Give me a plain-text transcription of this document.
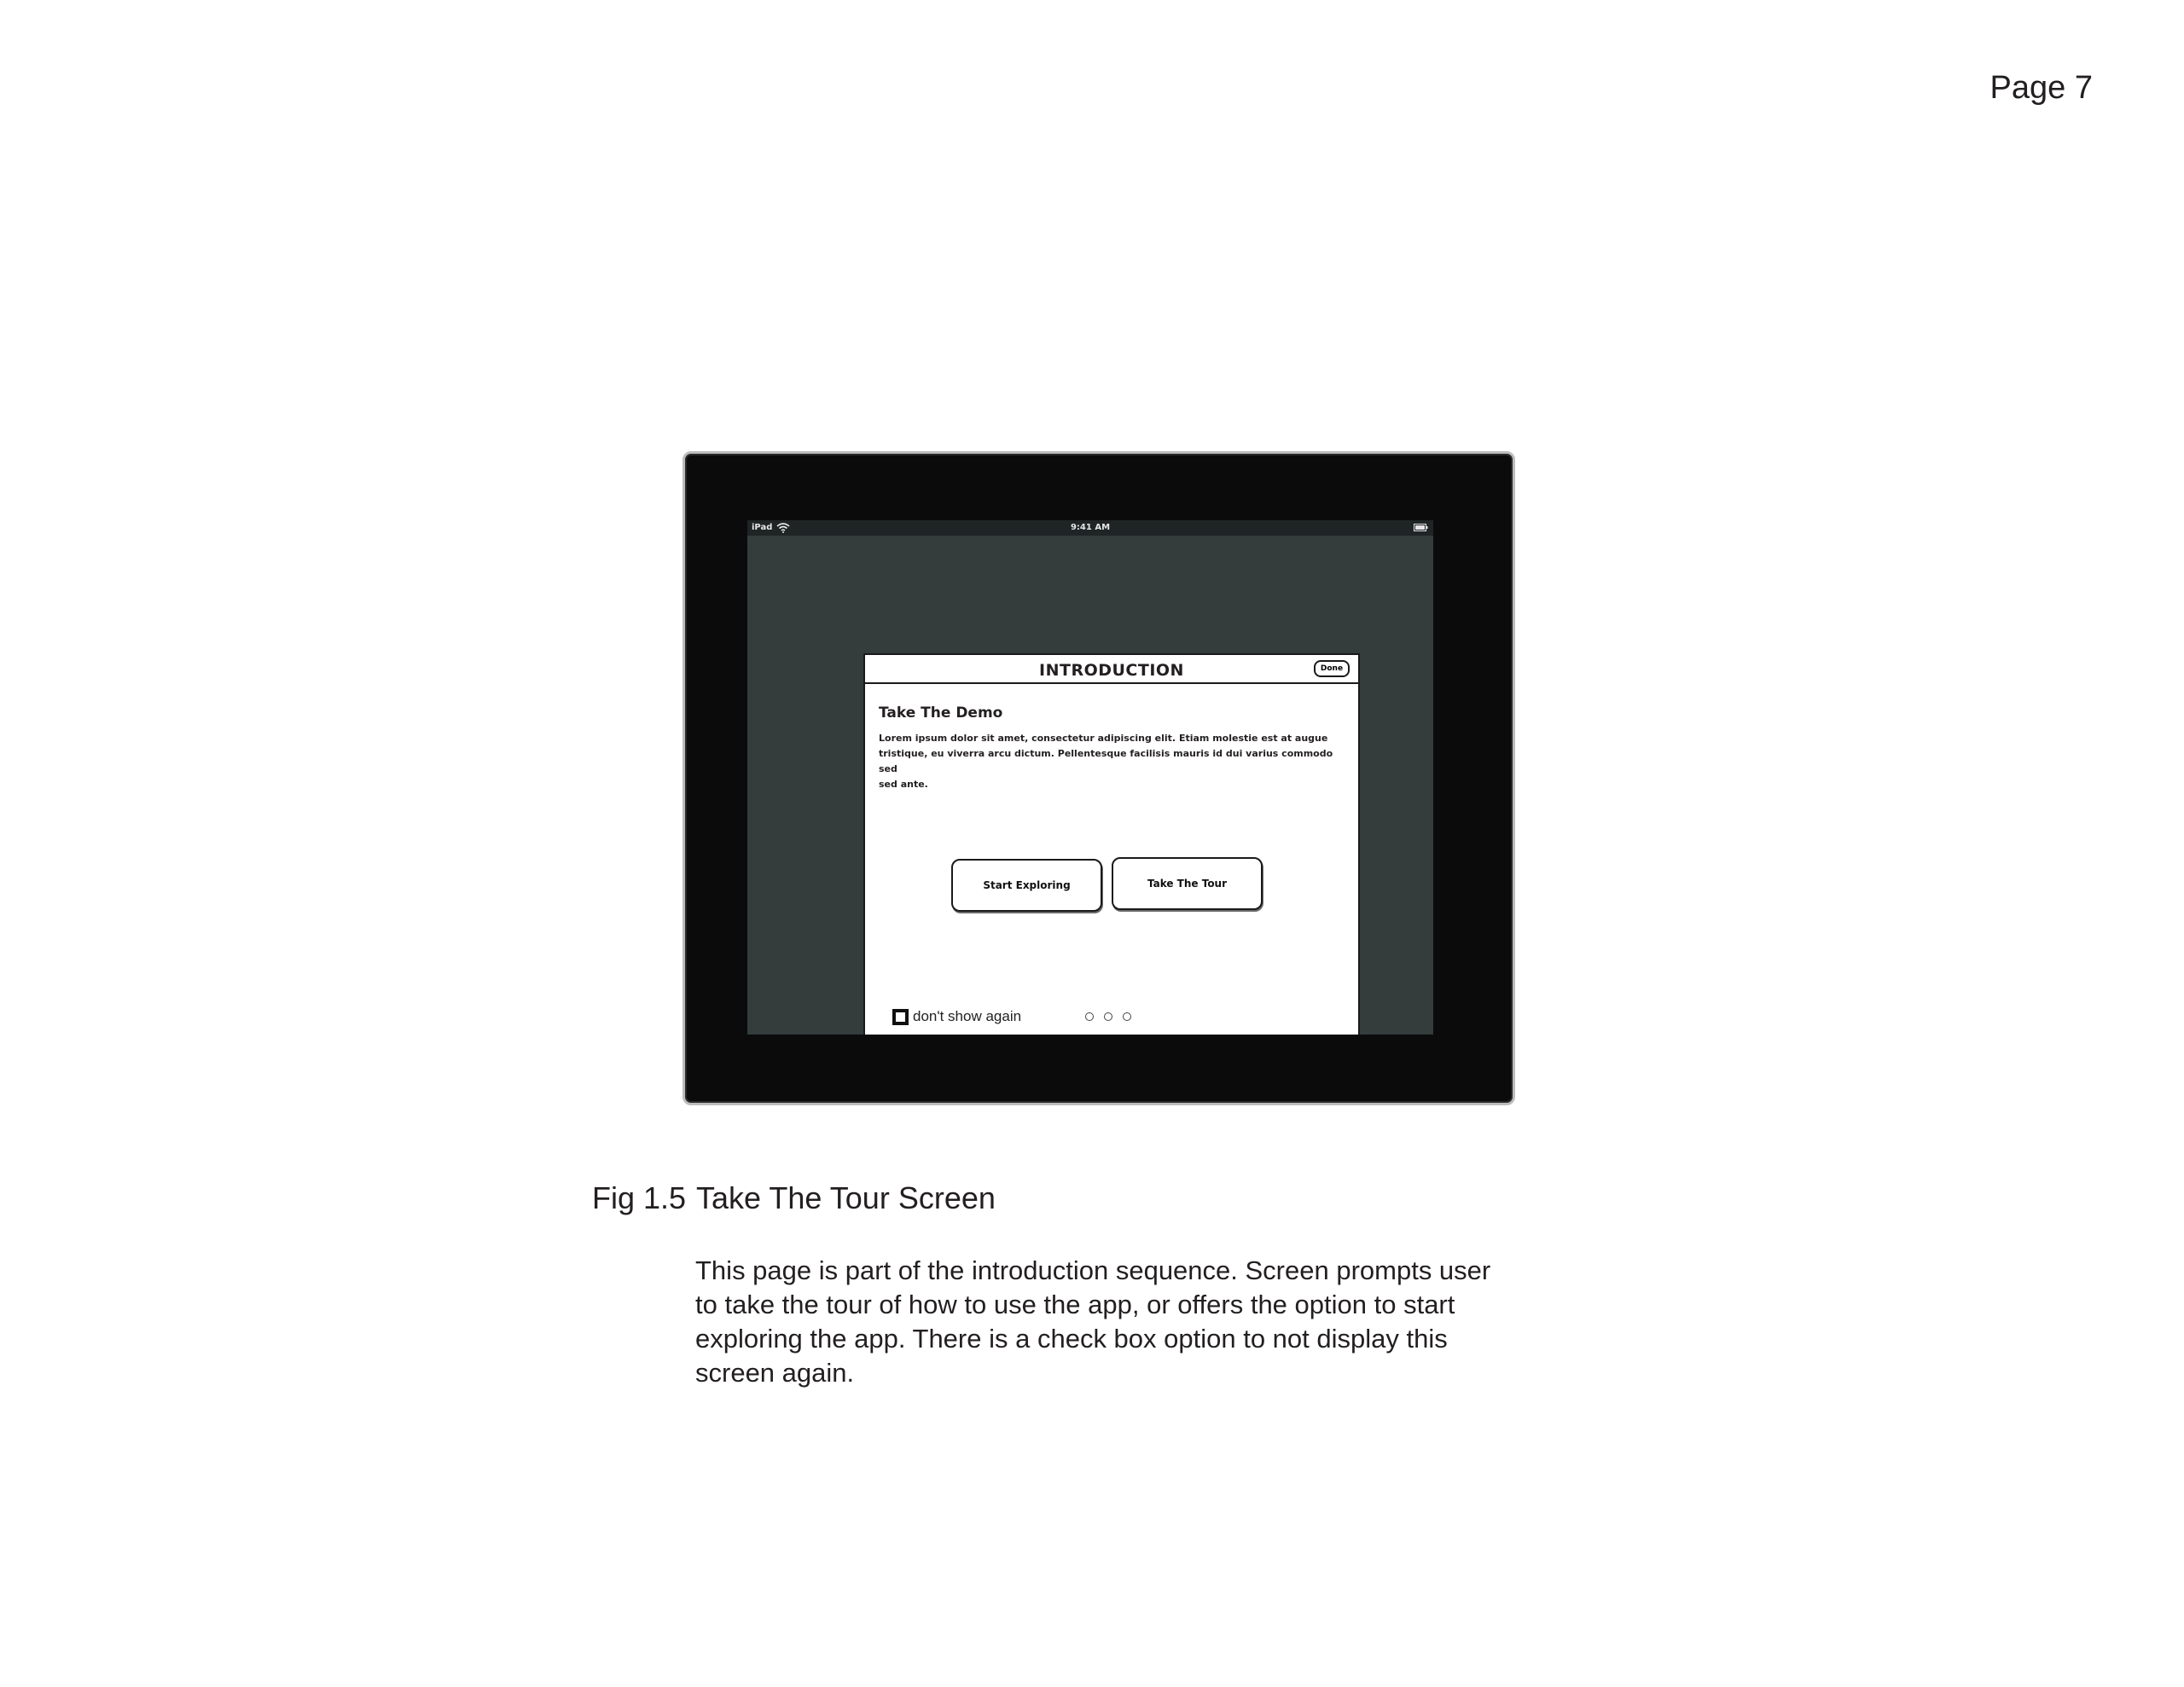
Page 7
iPad	9:41 AM
INTRODUCTION	Done
Take The Demo
Lorem ipsum dolor sit amet, consectetur adipiscing elit. Etiam molestie est at augue
tristique, eu viverra arcu dictum. Pellentesque facilisis mauris id dui varius commodo sed
sed ante.
Start Exploring	Take The Tour
don't show again
Fig 1.5 Take The Tour Screen
This page is part of the introduction sequence. Screen prompts user
to take the tour of how to use the app, or offers the option to start
exploring the app. There is a check box option to not display this
screen again.
